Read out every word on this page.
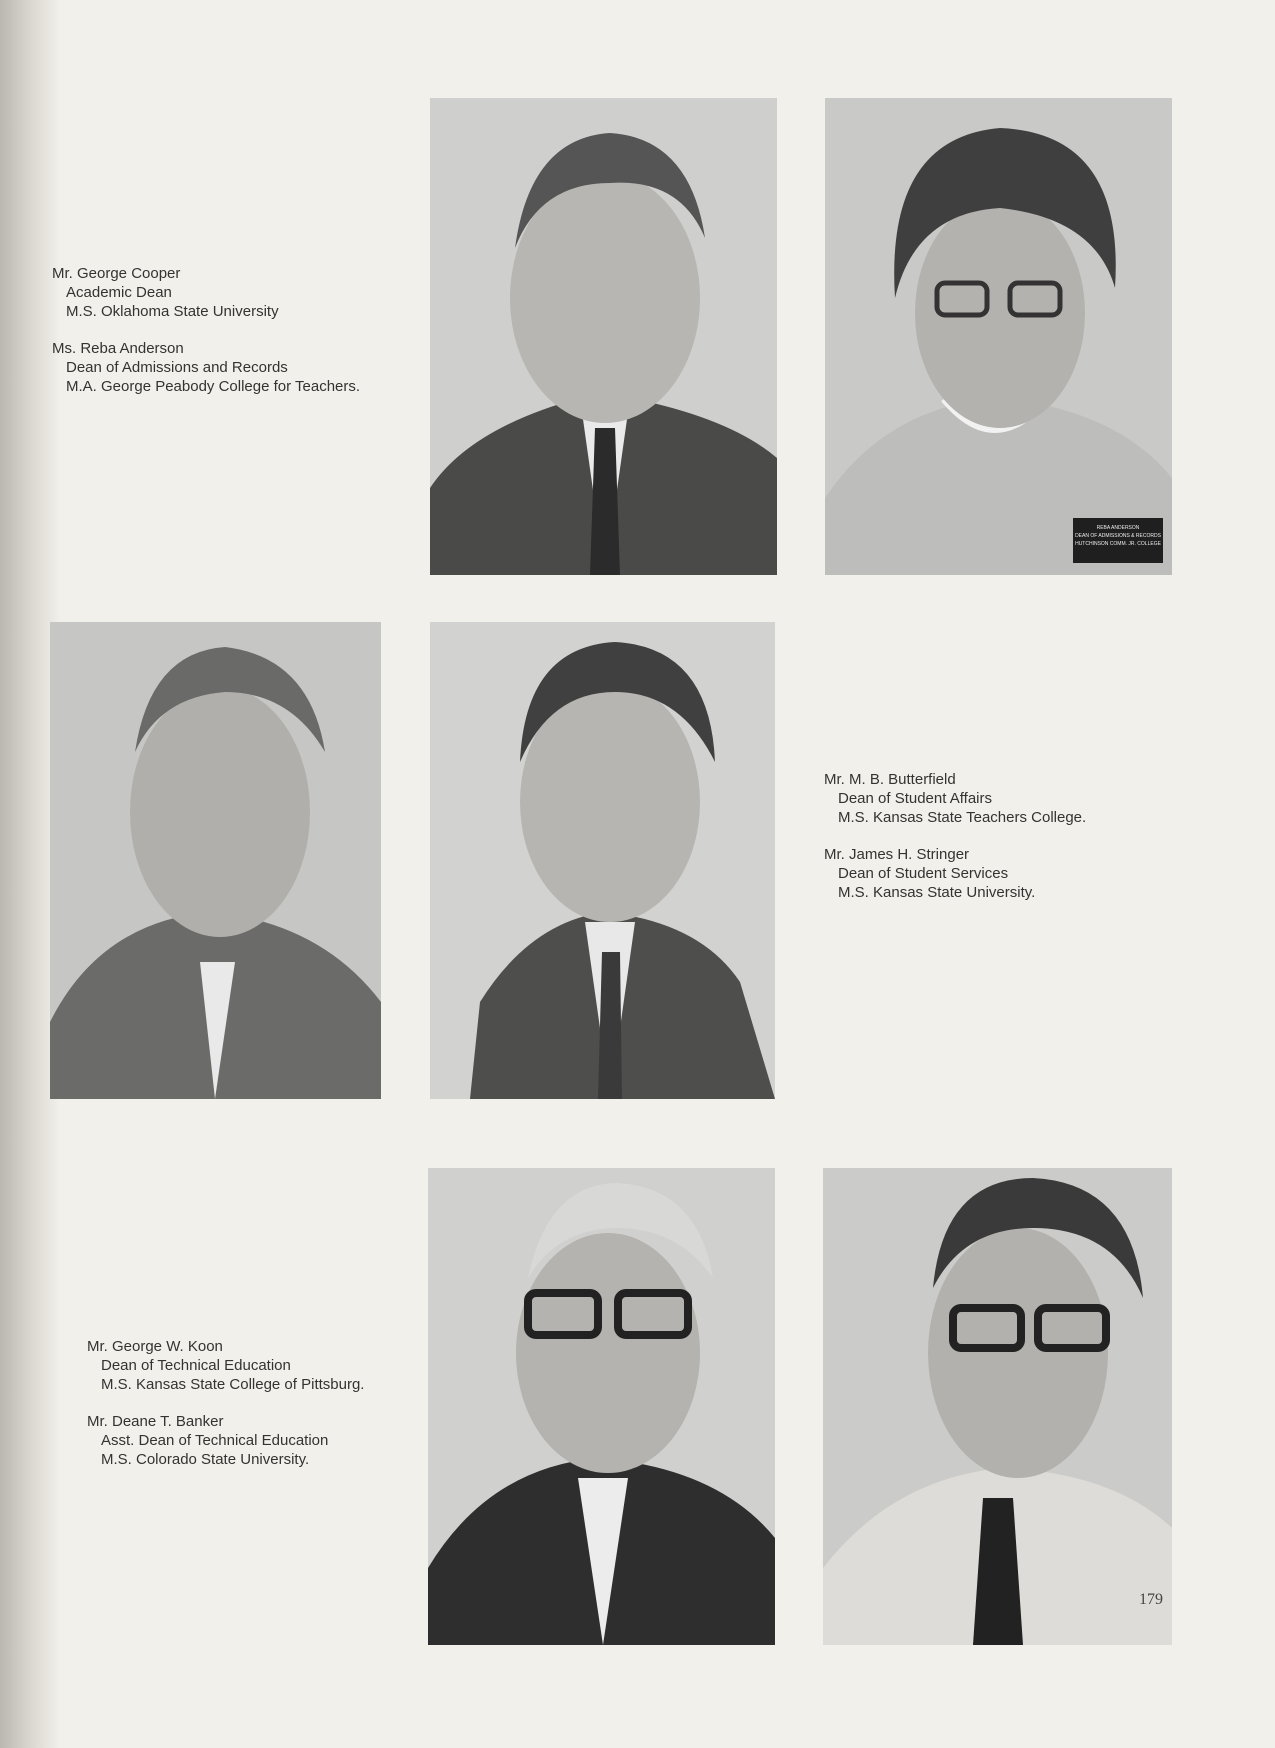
REBA ANDERSON
DEAN OF ADMISSIONS & RECORDS
HUTCHINSON COMM. JR. COLLEGE
Mr. George Cooper
Academic Dean
M.S. Oklahoma State University
Ms. Reba Anderson
Dean of Admissions and Records
M.A. George Peabody College for Teachers.
Mr. M. B. Butterfield
Dean of Student Affairs
M.S. Kansas State Teachers College.
Mr. James H. Stringer
Dean of Student Services
M.S. Kansas State University.
Mr. George W. Koon
Dean of Technical Education
M.S. Kansas State College of Pittsburg.
Mr. Deane T. Banker
Asst. Dean of Technical Education
M.S. Colorado State University.
179
